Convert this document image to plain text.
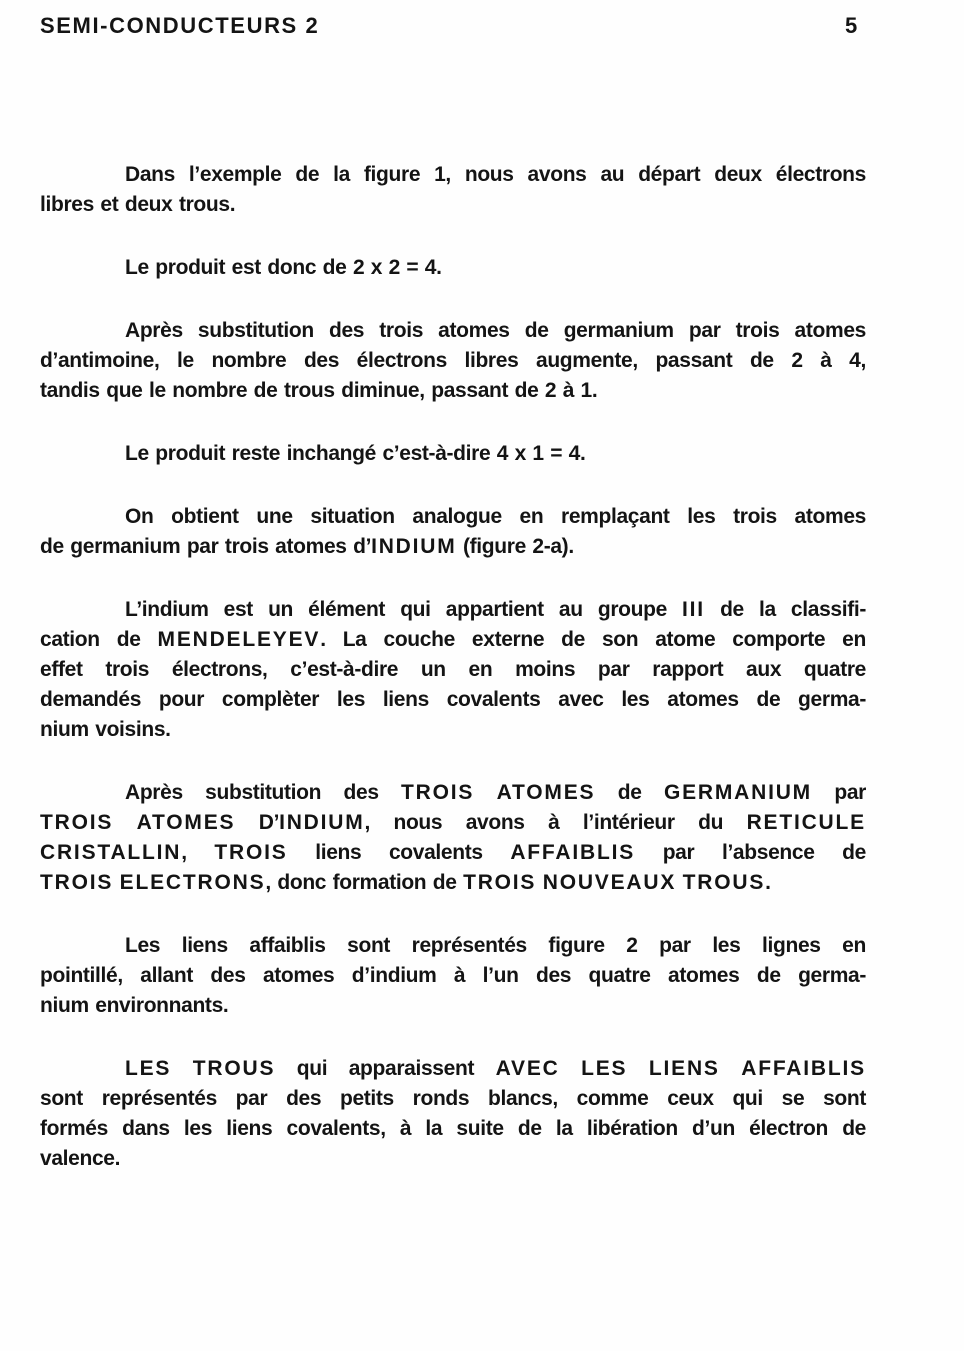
SEMI-CONDUCTEURS 2	5
Dans l’exemple de la figure 1, nous avons au départ deux électrons
libres et deux trous.
Le produit est donc de 2 x 2 = 4.
Après substitution des trois atomes de germanium par trois atomes
d’antimoine, le nombre des électrons libres augmente, passant de 2 à 4,
tandis que le nombre de trous diminue, passant de 2 à 1.
Le produit reste inchangé c’est-à-dire 4 x 1 = 4.
On obtient une situation analogue en remplaçant les trois atomes
de germanium par trois atomes d’INDIUM (figure 2-a).
L’indium est un élément qui appartient au groupe III de la classifi-
cation de MENDELEYEV. La couche externe de son atome comporte en
effet trois électrons, c’est-à-dire un en moins par rapport aux quatre
demandés pour complèter les liens covalents avec les atomes de germa-
nium voisins.
Après substitution des TROIS ATOMES de GERMANIUM par
TROIS ATOMES D’INDIUM, nous avons à l’intérieur du RETICULE
CRISTALLIN, TROIS liens covalents AFFAIBLIS par l’absence de
TROIS ELECTRONS, donc formation de TROIS NOUVEAUX TROUS.
Les liens affaiblis sont représentés figure 2 par les lignes en
pointillé, allant des atomes d’indium à l’un des quatre atomes de germa-
nium environnants.
LES TROUS qui apparaissent AVEC LES LIENS AFFAIBLIS
sont représentés par des petits ronds blancs, comme ceux qui se sont
formés dans les liens covalents, à la suite de la libération d’un électron de
valence.
